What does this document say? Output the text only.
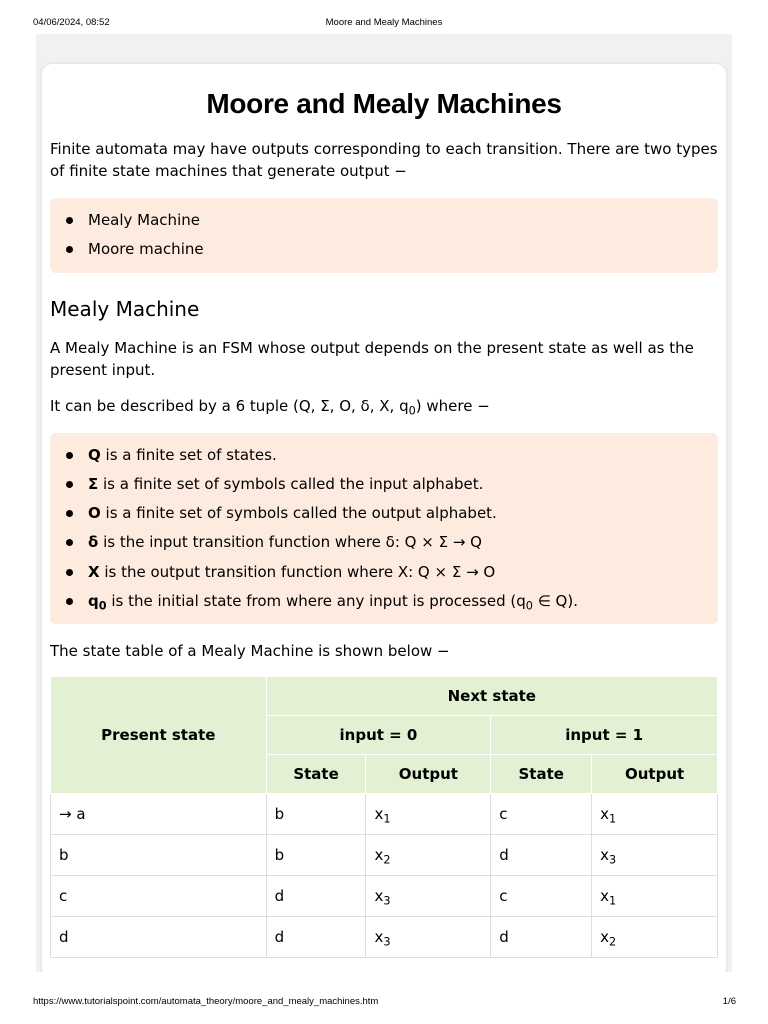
04/06/2024, 08:52	Moore and Mealy Machines
Moore and Mealy Machines

Finite automata may have outputs corresponding to each transition. There are two types of finite state machines that generate output −

Mealy Machine
Moore machine
Mealy Machine

A Mealy Machine is an FSM whose output depends on the present state as well as the present input.

It can be described by a 6 tuple (Q, Σ, O, δ, X, $q_0$) where −

Q is a finite set of states.
Σ is a finite set of symbols called the input alphabet.
O is a finite set of symbols called the output alphabet.
δ is the input transition function where δ: Q × Σ → Q
X is the output transition function where X: Q × Σ → O
$q_0$ is the initial state from where any input is processed ($q_0$ ∈ Q).

The state table of a Mealy Machine is shown below −

Present state	Next state			
	input = 0		input = 1	
	State	Output	State	Output
→ a	b	$x_1$	c	$x_1$
b	b	$x_2$	d	$x_3$
c	d	$x_3$	c	$x_1$
d	d	$x_3$	d	$x_2$
https://www.tutorialspoint.com/automata_theory/moore_and_mealy_machines.htm	1/6
